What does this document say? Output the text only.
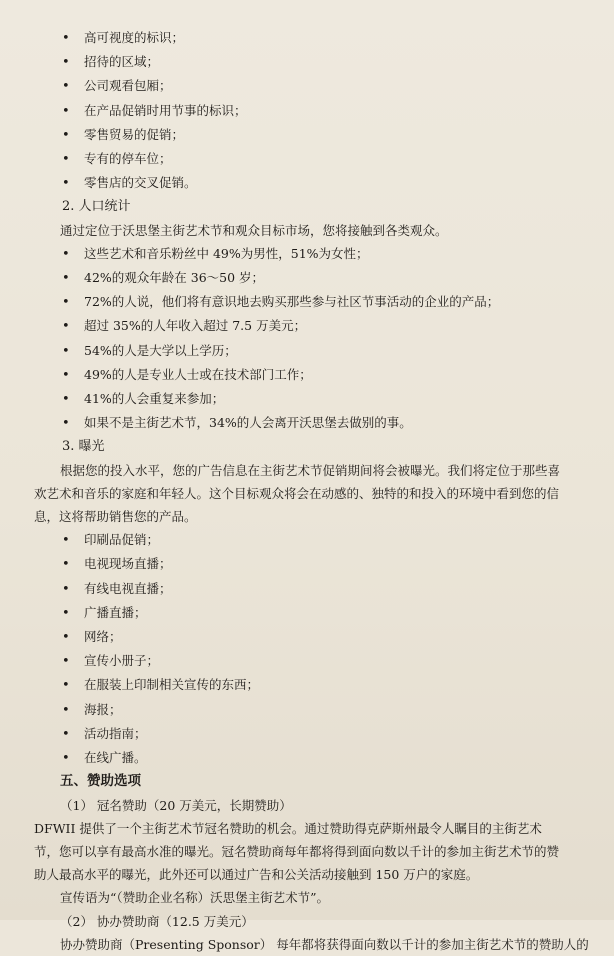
• 高可视度的标识；
• 招待的区域；
• 公司观看包厢；
• 在产品促销时用节事的标识；
• 零售贸易的促销；
• 专有的停车位；
• 零售店的交叉促销。
2. 人口统计
通过定位于沃思堡主街艺术节和观众目标市场，您将接触到各类观众。
• 这些艺术和音乐粉丝中 49%为男性，51%为女性；
• 42%的观众年龄在 36～50 岁；
• 72%的人说，他们将有意识地去购买那些参与社区节事活动的企业的产品；
• 超过 35%的人年收入超过 7.5 万美元；
• 54%的人是大学以上学历；
• 49%的人是专业人士或在技术部门工作；
• 41%的人会重复来参加；
• 如果不是主街艺术节，34%的人会离开沃思堡去做别的事。
3. 曝光
根据您的投入水平，您的广告信息在主街艺术节促销期间将会被曝光。我们将定位于那些喜
欢艺术和音乐的家庭和年轻人。这个目标观众将会在动感的、独特的和投入的环境中看到您的信
息，这将帮助销售您的产品。
• 印刷品促销；
• 电视现场直播；
• 有线电视直播；
• 广播直播；
• 网络；
• 宣传小册子；
• 在服装上印制相关宣传的东西；
• 海报；
• 活动指南；
• 在线广播。
五、赞助选项
（1） 冠名赞助（20 万美元，长期赞助）
DFWII 提供了一个主街艺术节冠名赞助的机会。通过赞助得克萨斯州最令人瞩目的主街艺术
节，您可以享有最高水准的曝光。冠名赞助商每年都将得到面向数以千计的参加主街艺术节的赞
助人最高水平的曝光，此外还可以通过广告和公关活动接触到 150 万户的家庭。
宣传语为“（赞助企业名称）沃思堡主街艺术节”。
（2） 协办赞助商（12.5 万美元）
协办赞助商（Presenting Sponsor） 每年都将获得面向数以千计的参加主街艺术节的赞助人的
